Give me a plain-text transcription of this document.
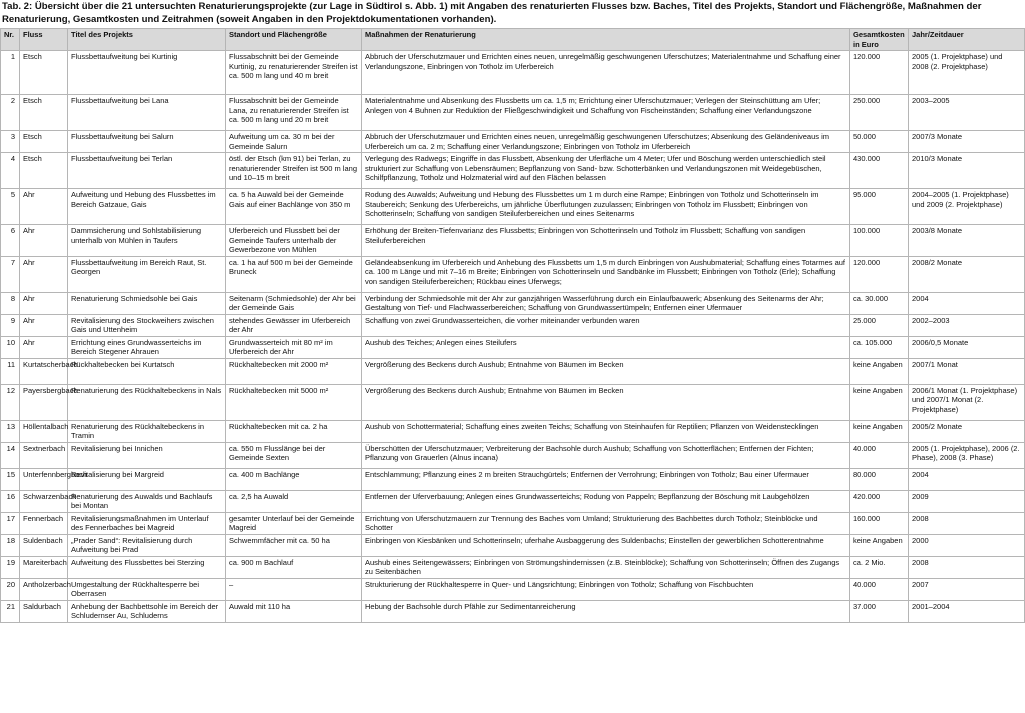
Tab. 2: Übersicht über die 21 untersuchten Renaturierungsprojekte (zur Lage in Südtirol s. Abb. 1) mit Angaben des renaturierten Flusses bzw. Baches, Titel des Projekts, Standort und Flächengröße, Maßnahmen der Renaturierung, Gesamtkosten und Zeitrahmen (soweit Angaben in den Projektdokumentationen vorhanden).
Nr.	Fluss	Titel des Projekts	Standort und Flächengröße	Maßnahmen der Renaturierung	Gesamtkosten in Euro	Jahr/Zeitdauer
1	Etsch	Flussbettaufweitung bei Kurtinig	Flussabschnitt bei der Gemeinde Kurtinig, zu renaturierender Streifen ist ca. 500 m lang und 40 m breit	Abbruch der Uferschutzmauer und Errichten eines neuen, unregelmäßig geschwungenen Uferschutzes; Materialentnahme und Schaffung einer Verlandungszone, Einbringen von Totholz im Uferbereich	120.000	2005 (1. Projektphase) und 2008 (2. Projektphase)
2	Etsch	Flussbettaufweitung bei Lana	Flussabschnitt bei der Gemeinde Lana, zu renaturierender Streifen ist ca. 500 m lang und 20 m breit	Materialentnahme und Absenkung des Flussbetts um ca. 1,5 m; Errichtung einer Uferschutzmauer; Verlegen der Steinschüttung am Ufer; Anlegen von 4 Buhnen zur Reduktion der Fließgeschwindigkeit und Schaffung von Fischeinständen; Schaffung einer Verlandungszone	250.000	2003–2005
3	Etsch	Flussbettaufweitung bei Salurn	Aufweitung um ca. 30 m bei der Gemeinde Salurn	Abbruch der Uferschutzmauer und Errichten eines neuen, unregelmäßig geschwungenen Uferschutzes; Absenkung des Geländeniveaus im Uferbereich um ca. 2 m; Schaffung einer Verlandungszone; Einbringen von Totholz im Uferbereich	50.000	2007/3 Monate
4	Etsch	Flussbettaufweitung bei Terlan	östl. der Etsch (km 91) bei Terlan, zu renaturierender Streifen ist 500 m lang und 10–15 m breit	Verlegung des Radwegs; Eingriffe in das Flussbett, Absenkung der Uferfläche um 4 Meter; Ufer und Böschung werden unterschiedlich steil strukturiert zur Schaffung von Lebensräumen; Bepflanzung von Sand- bzw. Schotterbänken und Verlandungszonen mit Weidegebüschen, Schilfpflanzung, Totholz und Holzmaterial wird auf den Flächen belassen	430.000	2010/3 Monate
5	Ahr	Aufweitung und Hebung des Flussbettes im Bereich Gatzaue, Gais	ca. 5 ha Auwald bei der Gemeinde Gais auf einer Bachlänge von 350 m	Rodung des Auwalds; Aufweitung und Hebung des Flussbettes um 1 m durch eine Rampe; Einbringen von Totholz und Schotterinseln im Staubereich; Senkung des Uferbereichs, um jährliche Überflutungen zuzulassen; Einbringen von Totholz im Flussbett; Einbringen von Schotterinseln; Schaffung von sandigen Steiluferbereichen und eines Seitenarms	95.000	2004–2005 (1. Projektphase) und 2009 (2. Projektphase)
6	Ahr	Dammsicherung und Sohlstabilisierung unterhalb von Mühlen in Taufers	Uferbereich und Flussbett bei der Gemeinde Taufers unterhalb der Gewerbezone von Mühlen	Erhöhung der Breiten-Tiefenvarianz des Flussbetts; Einbringen von Schotterinseln und Totholz im Flussbett; Schaffung von sandigen Steiluferbereichen	100.000	2003/8 Monate
7	Ahr	Flussbettaufweitung im Bereich Raut, St. Georgen	ca. 1 ha auf 500 m bei der Gemeinde Bruneck	Geländeabsenkung im Uferbereich und Anhebung des Flussbetts um 1,5 m durch Einbringen von Aushubmaterial; Schaffung eines Totarmes auf ca. 100 m Länge und mit 7–16 m Breite; Einbringen von Schotterinseln und Sandbänke im Flussbett; Einbringen von Totholz (Erle); Schaffung von sandigen Steiluferbereichen; Rückbau eines Uferwegs;	120.000	2008/2 Monate
8	Ahr	Renaturierung Schmiedsohle bei Gais	Seitenarm (Schmiedsohle) der Ahr bei der Gemeinde Gais	Verbindung der Schmiedsohle mit der Ahr zur ganzjährigen Wasserführung durch ein Einlaufbauwerk; Absenkung des Seitenarms der Ahr; Gestaltung von Tief- und Flachwasserbereichen; Schaffung von Grundwassertümpeln; Entfernen einer Ufermauer	ca. 30.000	2004
9	Ahr	Revitalisierung des Stockweihers zwischen Gais und Uttenheim	stehendes Gewässer im Uferbereich der Ahr	Schaffung von zwei Grundwasserteichen, die vorher miteinander verbunden waren	25.000	2002–2003
10	Ahr	Errichtung eines Grundwasserteichs im Bereich Stegener Ahrauen	Grundwasserteich mit 80 m² im Uferbereich der Ahr	Aushub des Teiches; Anlegen eines Steilufers	ca. 105.000	2006/0,5 Monate
11	Kurtatscherbach	Rückhaltebecken bei Kurtatsch	Rückhaltebecken mit 2000 m²	Vergrößerung des Beckens durch Aushub; Entnahme von Bäumen im Becken	keine Angaben	2007/1 Monat
12	Payersbergbach	Renaturierung des Rückhaltebeckens in Nals	Rückhaltebecken mit 5000 m²	Vergrößerung des Beckens durch Aushub; Entnahme von Bäumen im Becken	keine Angaben	2006/1 Monat (1. Projektphase) und 2007/1 Monat (2. Projektphase)
13	Höllentalbach	Renaturierung des Rückhaltebeckens in Tramin	Rückhaltebecken mit ca. 2 ha	Aushub von Schottermaterial; Schaffung eines zweiten Teichs; Schaffung von Steinhaufen für Reptilien; Pflanzen von Weidenstecklingen	keine Angaben	2005/2 Monate
14	Sextnerbach	Revitalisierung bei Innichen	ca. 550 m Flusslänge bei der Gemeinde Sexten	Überschütten der Uferschutzmauer; Verbreiterung der Bachsohle durch Aushub; Schaffung von Schotterflächen; Entfernen der Fichten; Pflanzung von Grauerlen (Alnus incana)	40.000	2005 (1. Projektphase), 2006 (2. Phase), 2008 (3. Phase)
15	Unterfennbergbach	Revitalisierung bei Margreid	ca. 400 m Bachlänge	Entschlammung; Pflanzung eines 2 m breiten Strauchgürtels; Entfernen der Verrohrung; Einbringen von Totholz; Bau einer Ufermauer	80.000	2004
16	Schwarzenbach	Renaturierung des Auwalds und Bachlaufs bei Montan	ca. 2,5 ha Auwald	Entfernen der Uferverbauung; Anlegen eines Grundwasserteichs; Rodung von Pappeln; Bepflanzung der Böschung mit Laubgehölzen	420.000	2009
17	Fennerbach	Revitalisierungsmaßnahmen im Unterlauf des Fennerbaches bei Magreid	gesamter Unterlauf bei der Gemeinde Magreid	Errichtung von Uferschutzmauern zur Trennung des Baches vom Umland; Strukturierung des Bachbettes durch Totholz; Steinblöcke und Schotter	160.000	2008
18	Suldenbach	„Prader Sand“: Revitalisierung durch Aufweitung bei Prad	Schwemmfächer mit ca. 50 ha	Einbringen von Kiesbänken und Schotterinseln; uferhahe Ausbaggerung des Suldenbachs; Einstellen der gewerblichen Schotterentnahme	keine Angaben	2000
19	Mareiterbach	Aufweitung des Flussbettes bei Sterzing	ca. 900 m Bachlauf	Aushub eines Seitengewässers; Einbringen von Strömungshindernissen (z.B. Steinblöcke); Schaffung von Schotterinseln; Öffnen des Zugangs zu Seitenbächen	ca. 2 Mio.	2008
20	Antholzerbach	Umgestaltung der Rückhaltesperre bei Oberrasen	–	Strukturierung der Rückhaltesperre in Quer- und Längsrichtung; Einbringen von Totholz; Schaffung von Fischbuchten	40.000	2007
21	Saldurbach	Anhebung der Bachbettsohle im Bereich der Schludernser Au, Schluderns	Auwald mit 110 ha	Hebung der Bachsohle durch Pfähle zur Sedimentanreicherung	37.000	2001–2004
